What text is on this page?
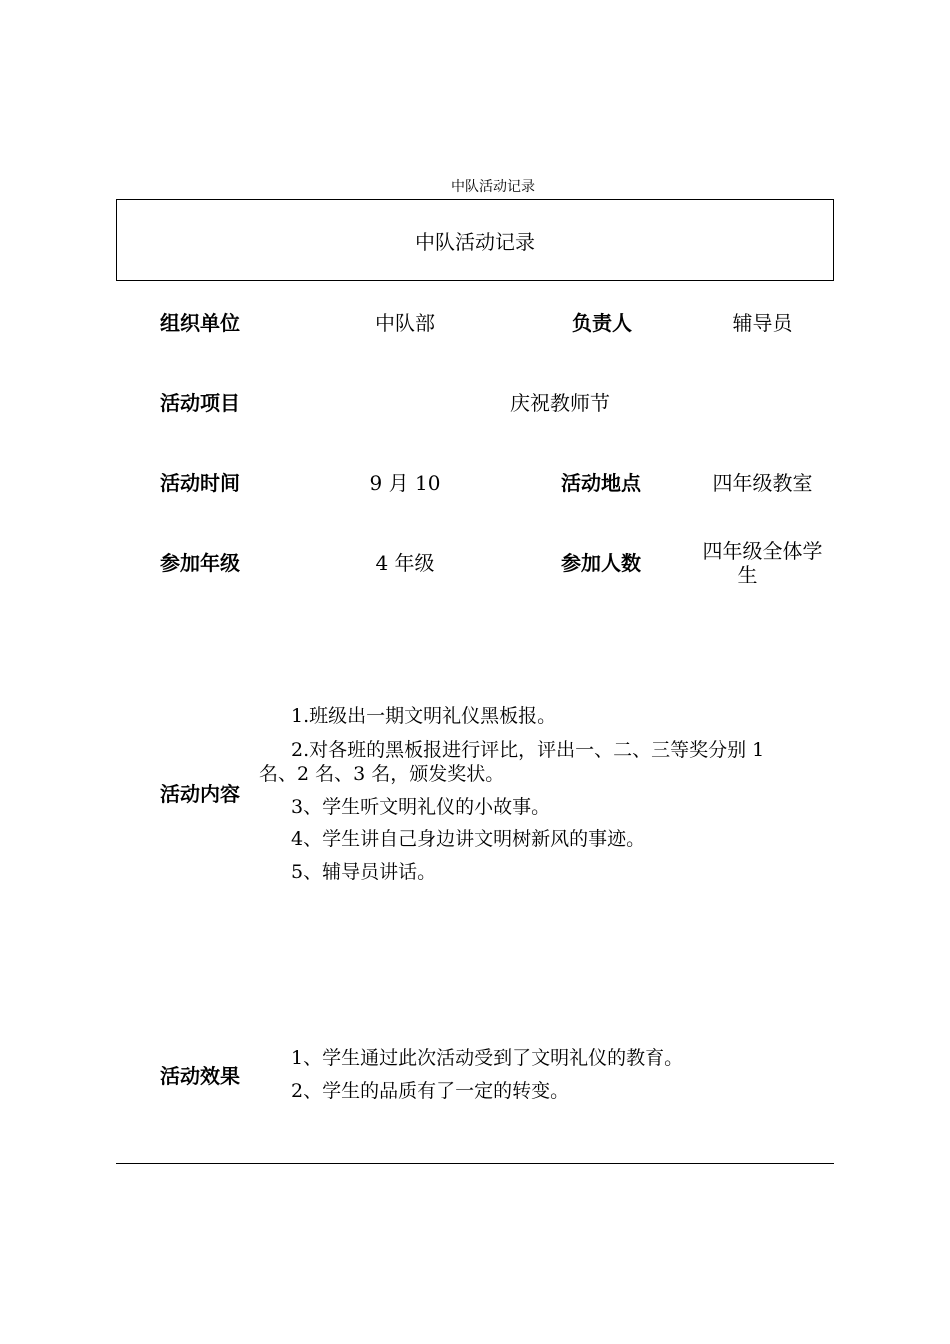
中队活动记录
中队活动记录
组织单位	中队部	负责人	辅导员
活动项目	庆祝教师节
活动时间	9 月 10	活动地点	四年级教室
参加年级	4 年级	参加人数	四年级全体学
生
活动内容
1.班级出一期文明礼仪黑板报。
2.对各班的黑板报进行评比，评出一、二、三等奖分别 1
名、2 名、3 名，颁发奖状。
3、学生听文明礼仪的小故事。
4、学生讲自己身边讲文明树新风的事迹。
5、辅导员讲话。
活动效果
1、学生通过此次活动受到了文明礼仪的教育。
2、学生的品质有了一定的转变。
